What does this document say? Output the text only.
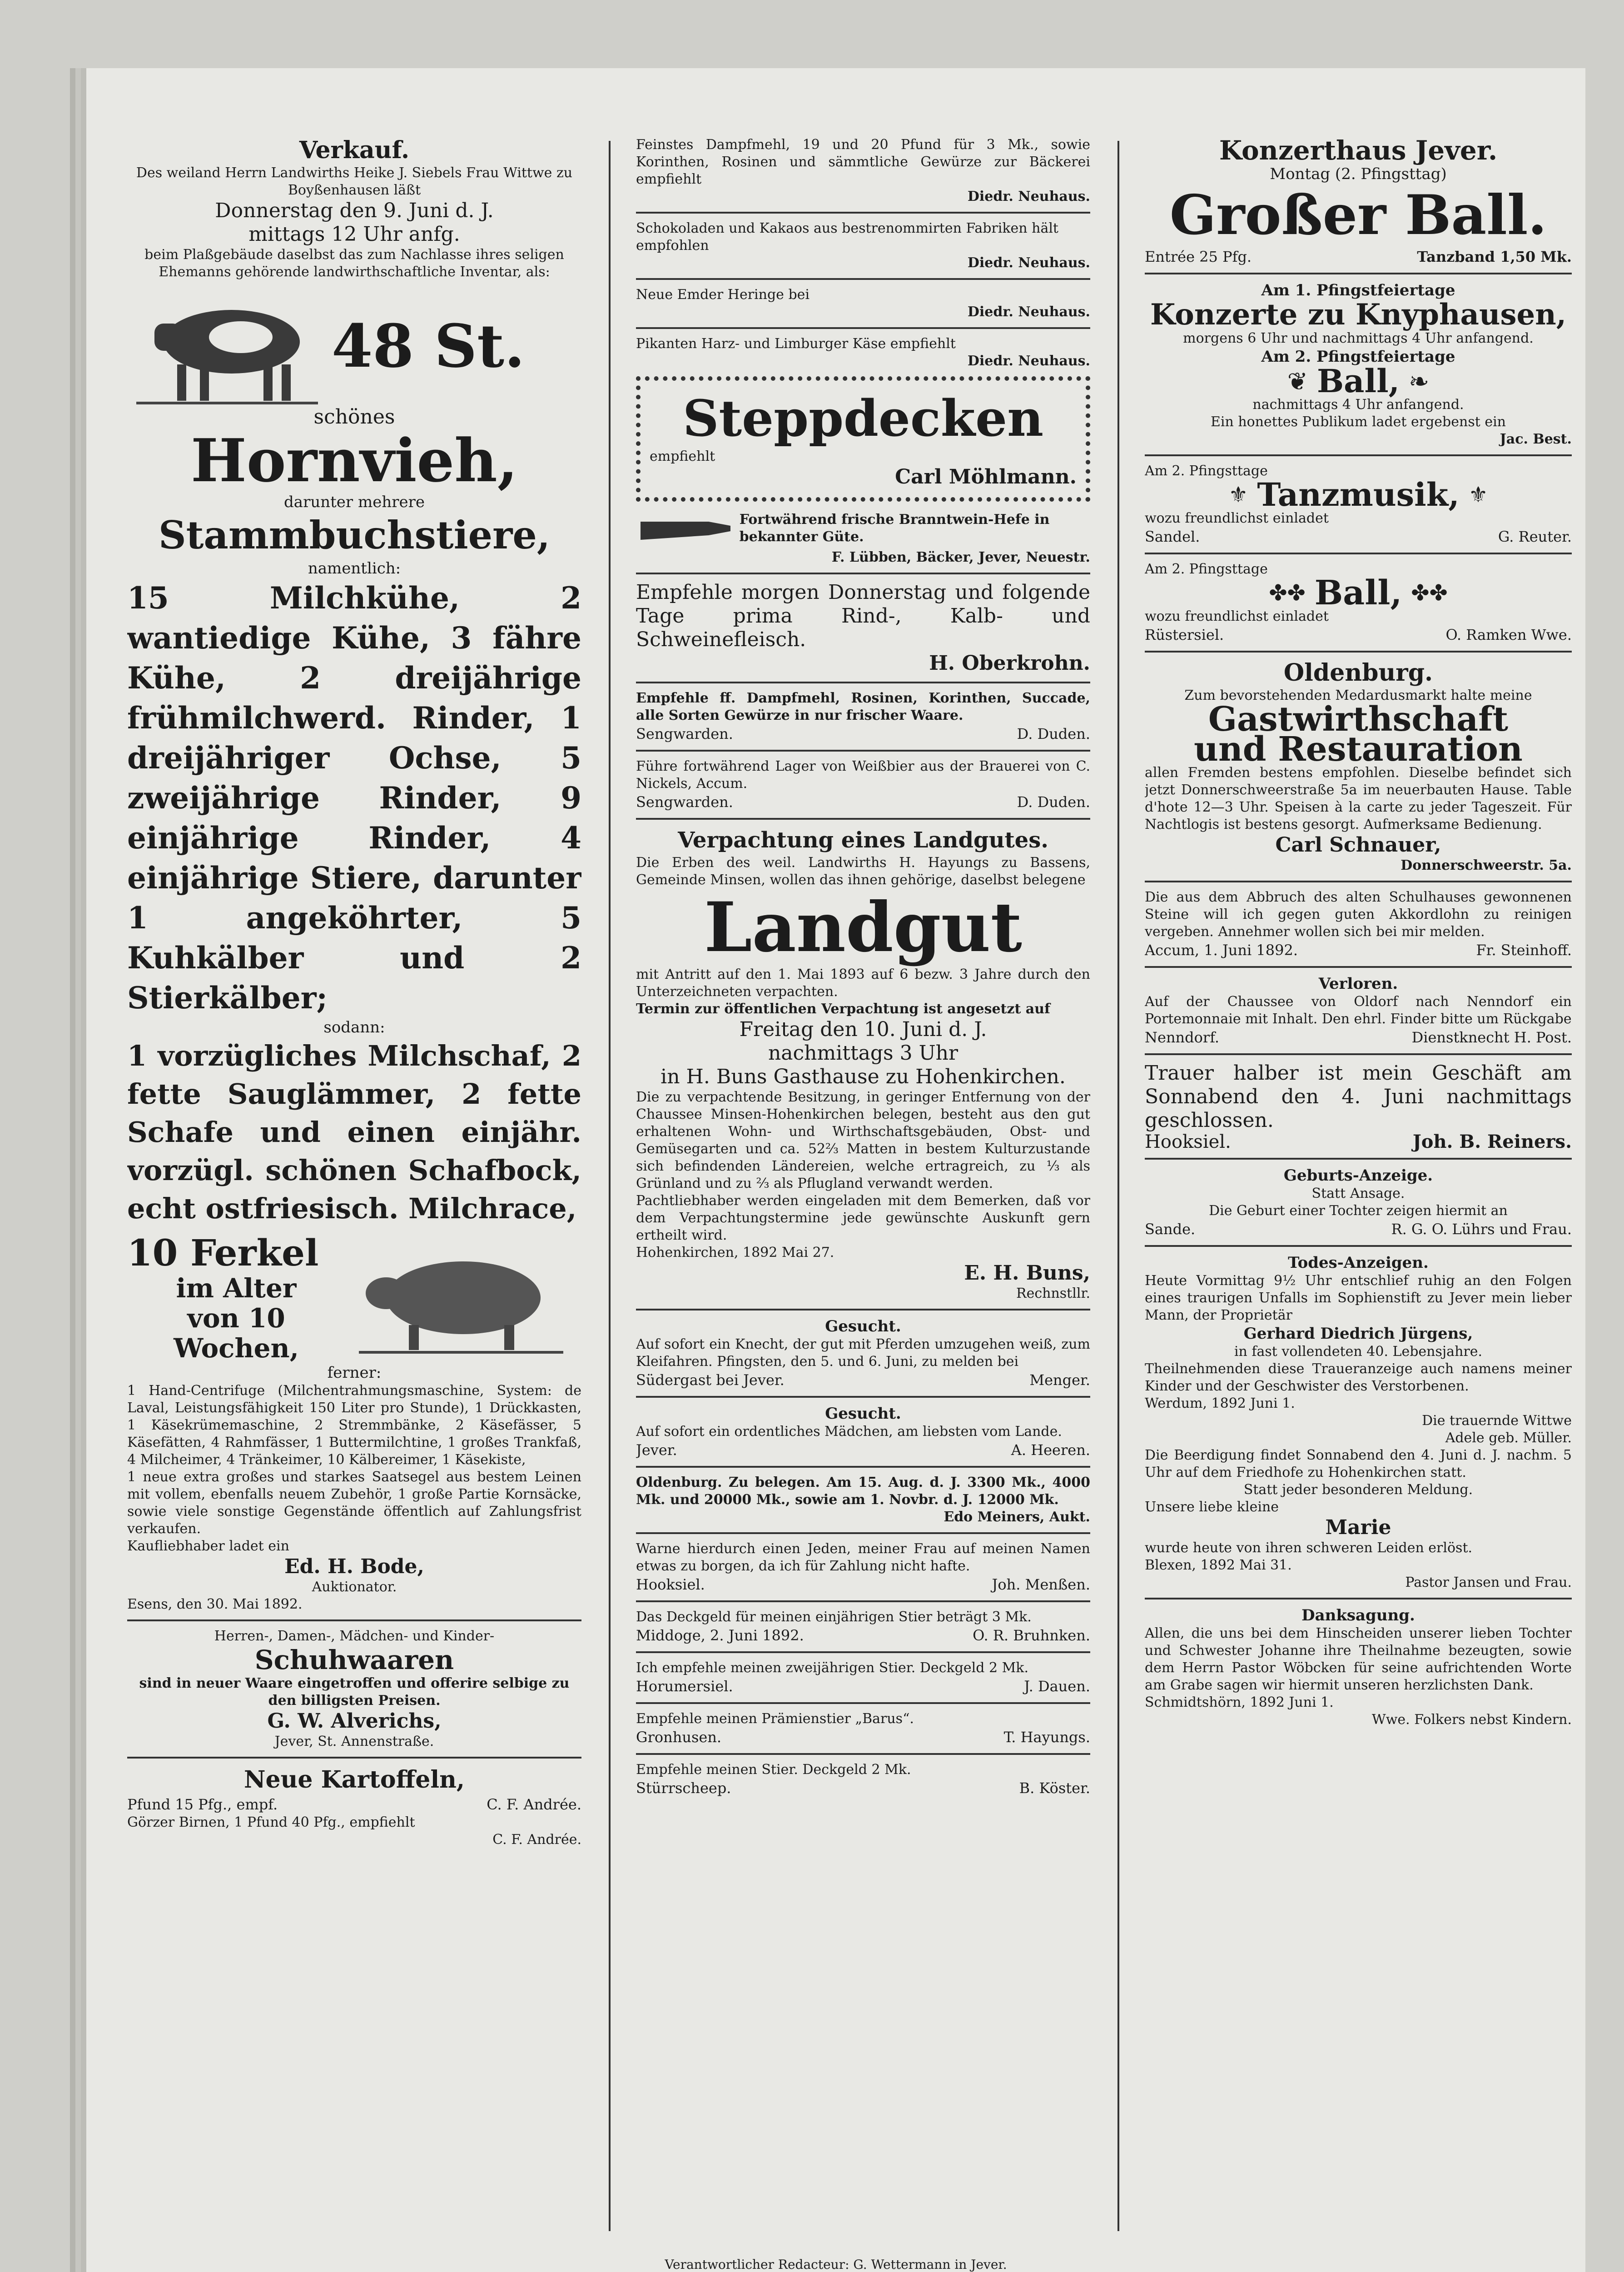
Verkauf.

Des weiland Herrn Landwirths Heike J. Siebels Frau Wittwe zu Boyßenhausen läßt

Donnerstag den 9. Juni d. J.

mittags 12 Uhr anfg.

beim Plaßgebäude daselbst das zum Nachlasse ihres seligen Ehemanns gehörende landwirthschaftliche Inventar, als:

48 St.

schönes

Hornvieh,

darunter mehrere

Stammbuchstiere,

namentlich:

15 Milchkühe, 2 wantiedige Kühe, 3 fähre Kühe, 2 dreijährige frühmilchwerd. Rinder, 1 dreijähriger Ochse, 5 zweijährige Rinder, 9 einjährige Rinder, 4 einjährige Stiere, darunter 1 angeköhrter, 5 Kuhkälber und 2 Stierkälber;

sodann:

1 vorzügliches Milchschaf, 2 fette Sauglämmer, 2 fette Schafe und einen einjähr. vorzügl. schönen Schafbock, echt ostfriesisch. Milchrace,

10 Ferkel

im Alter

von 10 Wochen,

ferner:

1 Hand-Centrifuge (Milchentrahmungsmaschine, System: de Laval, Leistungsfähigkeit 150 Liter pro Stunde), 1 Drückkasten, 1 Käsekrümemaschine, 2 Stremmbänke, 2 Käsefässer, 5 Käsefätten, 4 Rahmfässer, 1 Buttermilchtine, 1 großes Trankfaß, 4 Milcheimer, 4 Tränkeimer, 10 Kälbereimer, 1 Käsekiste,

1 neue extra großes und starkes Saatsegel aus bestem Leinen mit vollem, ebenfalls neuem Zubehör, 1 große Partie Kornsäcke, sowie viele sonstige Gegenstände öffentlich auf Zahlungsfrist verkaufen.

Kaufliebhaber ladet ein

Ed. H. Bode,

Auktionator.

Esens, den 30. Mai 1892.

Herren-, Damen-, Mädchen- und Kinder-

Schuhwaaren

sind in neuer Waare eingetroffen und offerire selbige zu den billigsten Preisen.

G. W. Alverichs,

Jever, St. Annenstraße.

Neue Kartoffeln,

Pfund 15 Pfg., empf.	C. F. Andrée.

Görzer Birnen, 1 Pfund 40 Pfg., empfiehlt

C. F. Andrée.

Feinstes Dampfmehl, 19 und 20 Pfund für 3 Mk., sowie Korinthen, Rosinen und sämmtliche Gewürze zur Bäckerei empfiehlt

Diedr. Neuhaus.

Schokoladen und Kakaos aus bestrenommirten Fabriken hält empfohlen

Diedr. Neuhaus.

Neue Emder Heringe bei

Diedr. Neuhaus.

Pikanten Harz- und Limburger Käse empfiehlt

Diedr. Neuhaus.

Steppdecken

empfiehlt

Carl Möhlmann.

Fortwährend frische Branntwein-Hefe in bekannter Güte.

F. Lübben, Bäcker, Jever, Neuestr.

Empfehle morgen Donnerstag und folgende Tage prima Rind-, Kalb- und Schweinefleisch.

H. Oberkrohn.

Empfehle ff. Dampfmehl, Rosinen, Korinthen, Succade, alle Sorten Gewürze in nur frischer Waare.

Sengwarden.	D. Duden.

Führe fortwährend Lager von Weißbier aus der Brauerei von C. Nickels, Accum.

Sengwarden.	D. Duden.

Verpachtung eines Landgutes.

Die Erben des weil. Landwirths H. Hayungs zu Bassens, Gemeinde Minsen, wollen das ihnen gehörige, daselbst belegene

Landgut

mit Antritt auf den 1. Mai 1893 auf 6 bezw. 3 Jahre durch den Unterzeichneten verpachten.

Termin zur öffentlichen Verpachtung ist angesetzt auf

Freitag den 10. Juni d. J.

nachmittags 3 Uhr

in H. Buns Gasthause zu Hohenkirchen.

Die zu verpachtende Besitzung, in geringer Entfernung von der Chaussee Minsen-Hohenkirchen belegen, besteht aus den gut erhaltenen Wohn- und Wirthschaftsgebäuden, Obst- und Gemüsegarten und ca. 52⅔ Matten in bestem Kulturzustande sich befindenden Ländereien, welche ertragreich, zu ⅓ als Grünland und zu ⅔ als Pflugland verwandt werden.

Pachtliebhaber werden eingeladen mit dem Bemerken, daß vor dem Verpachtungstermine jede gewünschte Auskunft gern ertheilt wird.

Hohenkirchen, 1892 Mai 27.

E. H. Buns,

Rechnstllr.

Gesucht.

Auf sofort ein Knecht, der gut mit Pferden umzugehen weiß, zum Kleifahren. Pfingsten, den 5. und 6. Juni, zu melden bei

Südergast bei Jever.	Menger.

Gesucht.

Auf sofort ein ordentliches Mädchen, am liebsten vom Lande.

Jever.	A. Heeren.

Oldenburg. Zu belegen. Am 15. Aug. d. J. 3300 Mk., 4000 Mk. und 20000 Mk., sowie am 1. Novbr. d. J. 12000 Mk.

Edo Meiners, Aukt.

Warne hierdurch einen Jeden, meiner Frau auf meinen Namen etwas zu borgen, da ich für Zahlung nicht hafte.

Hooksiel.	Joh. Menßen.

Das Deckgeld für meinen einjährigen Stier beträgt 3 Mk.

Middoge, 2. Juni 1892.	O. R. Bruhnken.

Ich empfehle meinen zweijährigen Stier. Deckgeld 2 Mk.

Horumersiel.	J. Dauen.

Empfehle meinen Prämienstier „Barus“.

Gronhusen.	T. Hayungs.

Empfehle meinen Stier. Deckgeld 2 Mk.

Stürrscheep.	B. Köster.

Konzerthaus Jever.

Montag (2. Pfingsttag)

Großer Ball.

Entrée 25 Pfg.	Tanzband 1,50 Mk.

Am 1. Pfingstfeiertage

Konzerte zu Knyphausen,

morgens 6 Uhr und nachmittags 4 Uhr anfangend.

Am 2. Pfingstfeiertage

❦ Ball, ❧

nachmittags 4 Uhr anfangend.

Ein honettes Publikum ladet ergebenst ein

Jac. Best.

Am 2. Pfingsttage

⚜ Tanzmusik, ⚜

wozu freundlichst einladet

Sandel.	G. Reuter.

Am 2. Pfingsttage

✤✤ Ball, ✤✤

wozu freundlichst einladet

Rüstersiel.	O. Ramken Wwe.

Oldenburg.

Zum bevorstehenden Medardusmarkt halte meine

Gastwirthschaft

und Restauration

allen Fremden bestens empfohlen. Dieselbe befindet sich jetzt Donnerschweerstraße 5a im neuerbauten Hause. Table d'hote 12—3 Uhr. Speisen à la carte zu jeder Tageszeit. Für Nachtlogis ist bestens gesorgt. Aufmerksame Bedienung.

Carl Schnauer,

Donnerschweerstr. 5a.

Die aus dem Abbruch des alten Schulhauses gewonnenen Steine will ich gegen guten Akkordlohn zu reinigen vergeben. Annehmer wollen sich bei mir melden.

Accum, 1. Juni 1892.	Fr. Steinhoff.

Verloren.

Auf der Chaussee von Oldorf nach Nenndorf ein Portemonnaie mit Inhalt. Den ehrl. Finder bitte um Rückgabe

Nenndorf.	Dienstknecht H. Post.

Trauer halber ist mein Geschäft am Sonnabend den 4. Juni nachmittags geschlossen.

Hooksiel.	Joh. B. Reiners.

Geburts-Anzeige.

Statt Ansage.

Die Geburt einer Tochter zeigen hiermit an

Sande.	R. G. O. Lührs und Frau.

Todes-Anzeigen.

Heute Vormittag 9½ Uhr entschlief ruhig an den Folgen eines traurigen Unfalls im Sophienstift zu Jever mein lieber Mann, der Proprietär

Gerhard Diedrich Jürgens,

in fast vollendeten 40. Lebensjahre.

Theilnehmenden diese Traueranzeige auch namens meiner Kinder und der Geschwister des Verstorbenen.

Werdum, 1892 Juni 1.

Die trauernde Wittwe

Adele geb. Müller.

Die Beerdigung findet Sonnabend den 4. Juni d. J. nachm. 5 Uhr auf dem Friedhofe zu Hohenkirchen statt.

Statt jeder besonderen Meldung.

Unsere liebe kleine

Marie

wurde heute von ihren schweren Leiden erlöst.

Blexen, 1892 Mai 31.

Pastor Jansen und Frau.

Danksagung.

Allen, die uns bei dem Hinscheiden unserer lieben Tochter und Schwester Johanne ihre Theilnahme bezeugten, sowie dem Herrn Pastor Wöbcken für seine aufrichtenden Worte am Grabe sagen wir hiermit unseren herzlichsten Dank.

Schmidtshörn, 1892 Juni 1.

Wwe. Folkers nebst Kindern.

Verantwortlicher Redacteur: G. Wettermann in Jever.
